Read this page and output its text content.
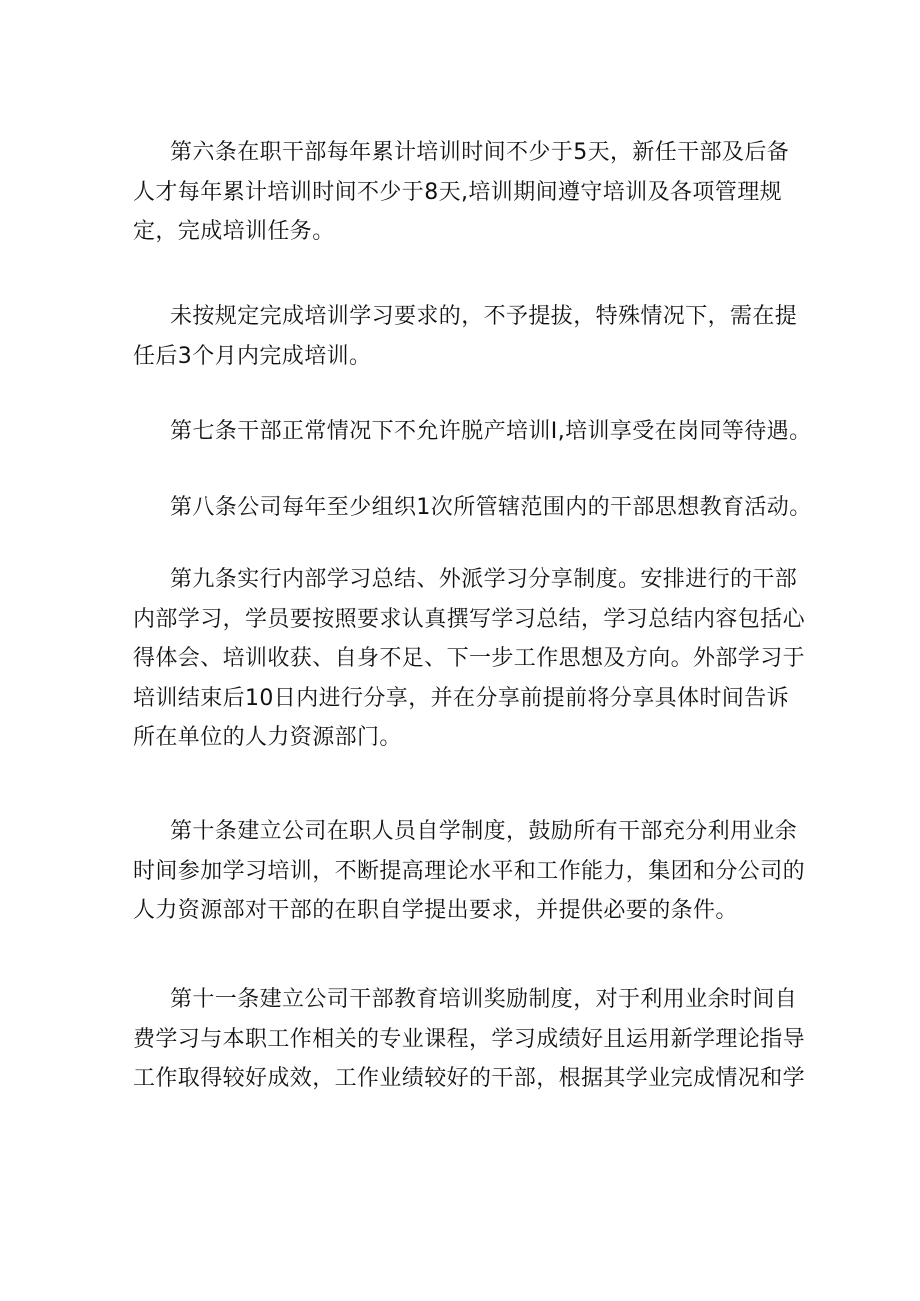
第六条在职干部每年累计培训时间不少于5天，新任干部及后备
人才每年累计培训时间不少于8天,培训期间遵守培训及各项管理规
定，完成培训任务。

未按规定完成培训学习要求的，不予提拔，特殊情况下，需在提
任后3个月内完成培训。

第七条干部正常情况下不允许脱产培训I,培训享受在岗同等待遇。

第八条公司每年至少组织1次所管辖范围内的干部思想教育活动。

第九条实行内部学习总结、外派学习分享制度。安排进行的干部
内部学习，学员要按照要求认真撰写学习总结，学习总结内容包括心
得体会、培训收获、自身不足、下一步工作思想及方向。外部学习于
培训结束后10日内进行分享，并在分享前提前将分享具体时间告诉
所在单位的人力资源部门。

第十条建立公司在职人员自学制度，鼓励所有干部充分利用业余
时间参加学习培训，不断提高理论水平和工作能力，集团和分公司的
人力资源部对干部的在职自学提出要求，并提供必要的条件。

第十一条建立公司干部教育培训奖励制度，对于利用业余时间自
费学习与本职工作相关的专业课程，学习成绩好且运用新学理论指导
工作取得较好成效，工作业绩较好的干部，根据其学业完成情况和学
